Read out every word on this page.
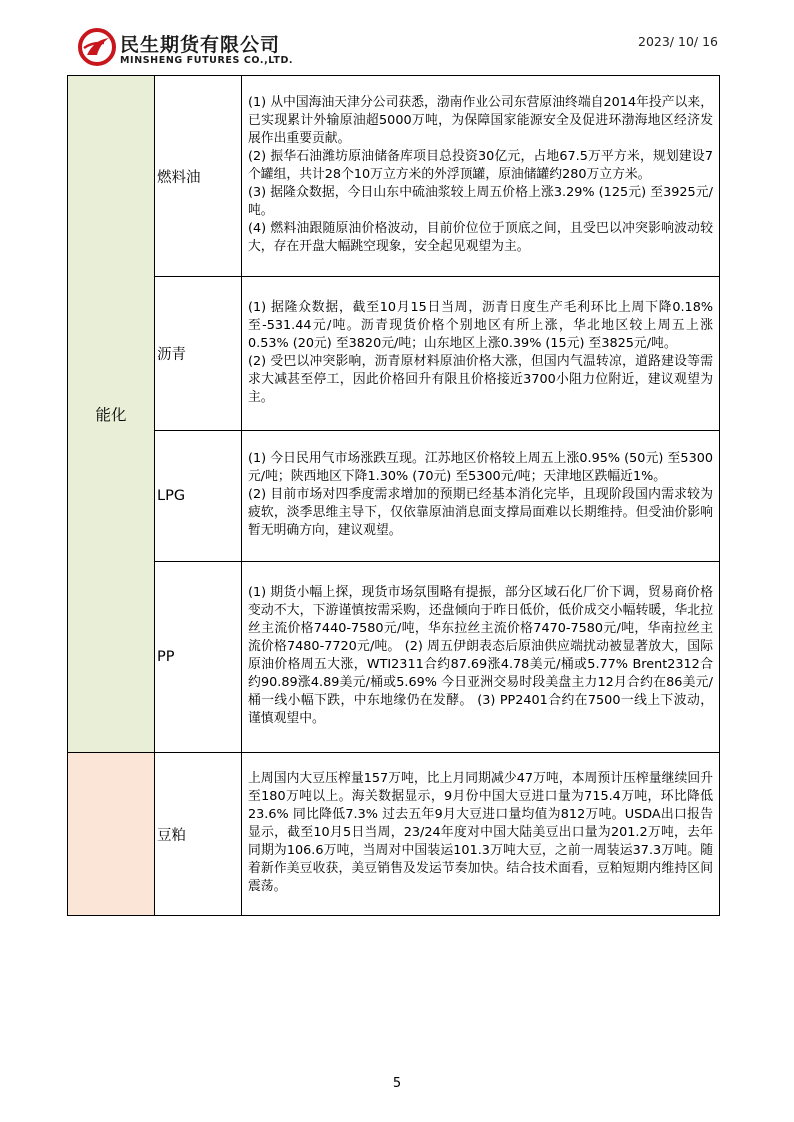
民生期货有限公司
MINSHENG FUTURES CO.,LTD.
2023/ 10/ 16
能化	燃料油	(1) 从中国海油天津分公司获悉，渤南作业公司东营原油终端自2014年投产以来，已实现累计外输原油超5000万吨，为保障国家能源安全及促进环渤海地区经济发展作出重要贡献。

(2) 振华石油潍坊原油储备库项目总投资30亿元，占地67.5万平方米，规划建设7个罐组，共计28个10万立方米的外浮顶罐，原油储罐约280万立方米。

(3) 据隆众数据，今日山东中硫油浆较上周五价格上涨3.29% (125元) 至3925元/吨。

(4) 燃料油跟随原油价格波动，目前价位位于顶底之间，且受巴以冲突影响波动较大，存在开盘大幅跳空现象，安全起见观望为主。

	沥青	(1) 据隆众数据，截至10月15日当周，沥青日度生产毛利环比上周下降0.18%至-531.44元/吨。沥青现货价格个别地区有所上涨，华北地区较上周五上涨0.53% (20元) 至3820元/吨；山东地区上涨0.39% (15元) 至3825元/吨。

(2) 受巴以冲突影响，沥青原材料原油价格大涨，但国内气温转凉，道路建设等需求大减甚至停工，因此价格回升有限且价格接近3700小阻力位附近，建议观望为主。

	LPG	(1) 今日民用气市场涨跌互现。江苏地区价格较上周五上涨0.95% (50元) 至5300元/吨；陕西地区下降1.30% (70元) 至5300元/吨；天津地区跌幅近1%。

(2) 目前市场对四季度需求增加的预期已经基本消化完毕，且现阶段国内需求较为疲软，淡季思维主导下，仅依靠原油消息面支撑局面难以长期维持。但受油价影响暂无明确方向，建议观望。

	PP	(1) 期货小幅上探，现货市场氛围略有提振，部分区域石化厂价下调，贸易商价格变动不大，下游谨慎按需采购，还盘倾向于昨日低价，低价成交小幅转暖，华北拉丝主流价格7440-7580元/吨，华东拉丝主流价格7470-7580元/吨，华南拉丝主流价格7480-7720元/吨。 (2) 周五伊朗表态后原油供应端扰动被显著放大，国际原油价格周五大涨，WTI2311合约87.69涨4.78美元/桶或5.77% Brent2312合约90.89涨4.89美元/桶或5.69% 今日亚洲交易时段美盘主力12月合约在86美元/桶一线小幅下跌，中东地缘仍在发酵。 (3) PP2401合约在7500一线上下波动，谨慎观望中。

	豆粕	上周国内大豆压榨量157万吨，比上月同期减少47万吨，本周预计压榨量继续回升至180万吨以上。海关数据显示，9月份中国大豆进口量为715.4万吨，环比降低23.6% 同比降低7.3% 过去五年9月大豆进口量均值为812万吨。USDA出口报告显示，截至10月5日当周，23/24年度对中国大陆美豆出口量为201.2万吨，去年同期为106.6万吨，当周对中国装运101.3万吨大豆，之前一周装运37.3万吨。随着新作美豆收获，美豆销售及发运节奏加快。结合技术面看，豆粕短期内维持区间震荡。

5
